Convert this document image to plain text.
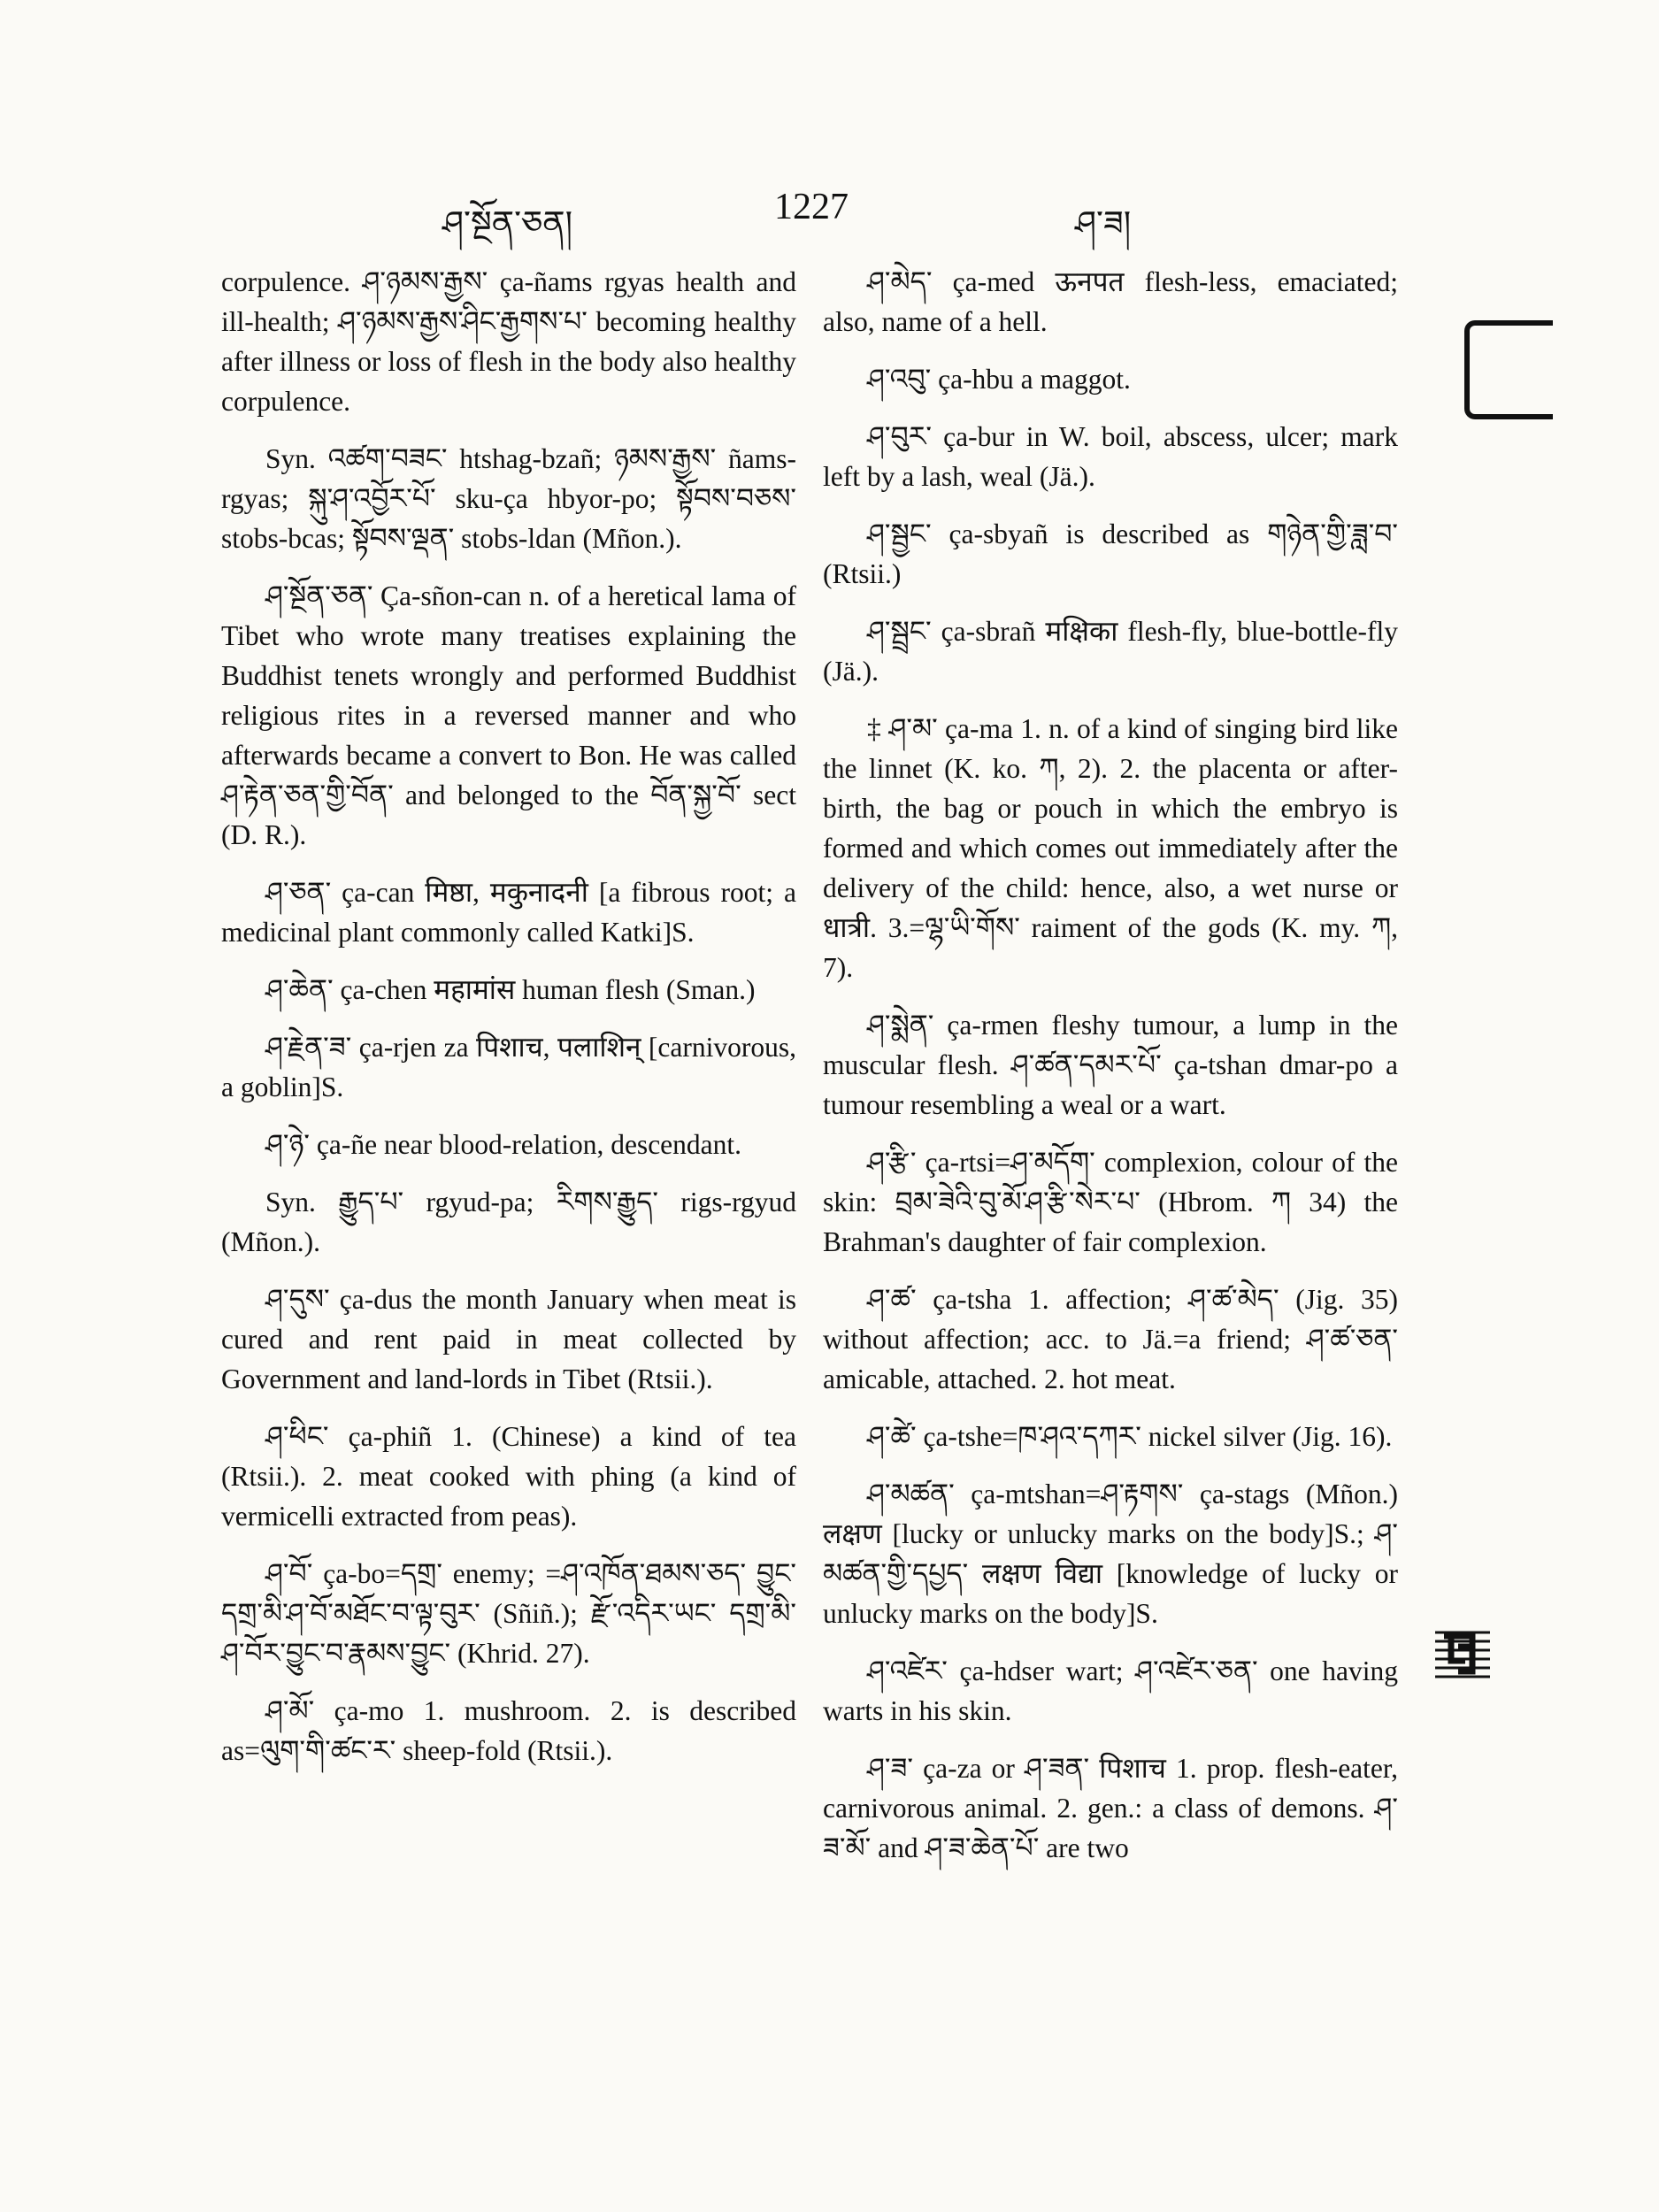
ཤ་སྔོན་ཅན།	1227	ཤ་ཟ།

corpulence. ཤ་ཉམས་རྒྱས་ ça-ñams rgyas health and ill-health; ཤ་ཉམས་རྒྱས་ཤིང་རྒྱགས་པ་ becoming healthy after illness or loss of flesh in the body also healthy corpulence.

Syn. འཚག་བཟང་ htshag-bzañ; ཉམས་རྒྱས་ ñams-rgyas; སྐུ་ཤ་འབྱོར་པོ་ sku-ça hbyor-po; སྟོབས་བཅས་ stobs-bcas; སྟོབས་ལྡན་ stobs-ldan (Mñon.).

ཤ་སྔོན་ཅན་ Ça-sñon-can n. of a heretical lama of Tibet who wrote many treatises explaining the Buddhist tenets wrongly and performed Buddhist religious rites in a reversed manner and who afterwards became a convert to Bon. He was called ཤ་རྟེན་ཅན་གྱི་བོན་ and belonged to the བོན་སྐྱ་བོ་ sect (D. R.).

ཤ་ཅན་ ça-can मिष्ठा, मकुनादनी [a fibrous root; a medicinal plant commonly called Katki]S.

ཤ་ཆེན་ ça-chen महामांस human flesh (Sman.)

ཤ་རྗེན་ཟ་ ça-rjen za पिशाच, पलाशिन् [carnivorous, a goblin]S.

ཤ་ཉེ་ ça-ñe near blood-relation, descendant.

Syn. རྒྱུད་པ་ rgyud-pa; རིགས་རྒྱུད་ rigs-rgyud (Mñon.).

ཤ་དུས་ ça-dus the month January when meat is cured and rent paid in meat collected by Government and land-lords in Tibet (Rtsii.).

ཤ་ཕིང་ ça-phiñ 1. (Chinese) a kind of tea (Rtsii.). 2. meat cooked with phing (a kind of vermicelli extracted from peas).

ཤ་བོ་ ça-bo=དགྲ་ enemy; =ཤ་འཁོན་ཐམས་ཅད་ བྱུང་དགྲ་མི་ཤ་བོ་མཐོང་བ་ལྟ་བུར་ (Sñiñ.); རྫོ་འདིར་ཡང་ དགྲ་མི་ཤ་བོར་བྱུང་བ་རྣམས་བྱུང་ (Khrid. 27).

ཤ་མོ་ ça-mo 1. mushroom. 2. is described as=ལུག་གི་ཚང་ར་ sheep-fold (Rtsii.).

ཤ་མེད་ ça-med ऊनपत flesh-less, emaciated; also, name of a hell.

ཤ་འབུ་ ça-hbu a maggot.

ཤ་བུར་ ça-bur in W. boil, abscess, ulcer; mark left by a lash, weal (Jä.).

ཤ་སྦྱང་ ça-sbyañ is described as གཉེན་གྱི་ཟླ་བ་ (Rtsii.)

ཤ་སྦྲང་ ça-sbrañ मक्षिका flesh-fly, blue-bottle-fly (Jä.).

‡ ཤ་མ་ ça-ma 1. n. of a kind of singing bird like the linnet (K. ko. ཀ, 2). 2. the placenta or after-birth, the bag or pouch in which the embryo is formed and which comes out immediately after the delivery of the child: hence, also, a wet nurse or धात्री. 3.=ལྷ་ཡི་གོས་ raiment of the gods (K. my. ཀ, 7).

ཤ་སྨེན་ ça-rmen fleshy tumour, a lump in the muscular flesh. ཤ་ཚན་དམར་པོ་ ça-tshan dmar-po a tumour resembling a weal or a wart.

ཤ་རྩི་ ça-rtsi=ཤ་མདོག་ complexion, colour of the skin: བྲམ་ཟེའི་བུ་མོ་ཤ་རྩི་སེར་པ་ (Hbrom. ཀ 34) the Brahman's daughter of fair complexion.

ཤ་ཚ་ ça-tsha 1. affection; ཤ་ཚ་མེད་ (Jig. 35) without affection; acc. to Jä.=a friend; ཤ་ཚ་ཅན་ amicable, attached. 2. hot meat.

ཤ་ཚེ་ ça-tshe=ཁ་ཤའ་དཀར་ nickel silver (Jig. 16).

ཤ་མཚན་ ça-mtshan=ཤ་རྟགས་ ça-stags (Mñon.) लक्षण [lucky or unlucky marks on the body]S.; ཤ་མཚན་གྱི་དཔྱད་ लक्षण विद्या [knowledge of lucky or unlucky marks on the body]S.

ཤ་འཛེར་ ça-hdser wart; ཤ་འཛེར་ཅན་ one having warts in his skin.

ཤ་ཟ་ ça-za or ཤ་ཟན་ पिशाच 1. prop. flesh-eater, carnivorous animal. 2. gen.: a class of demons. ཤ་ཟ་མོ་ and ཤ་ཟ་ཆེན་པོ་ are two
